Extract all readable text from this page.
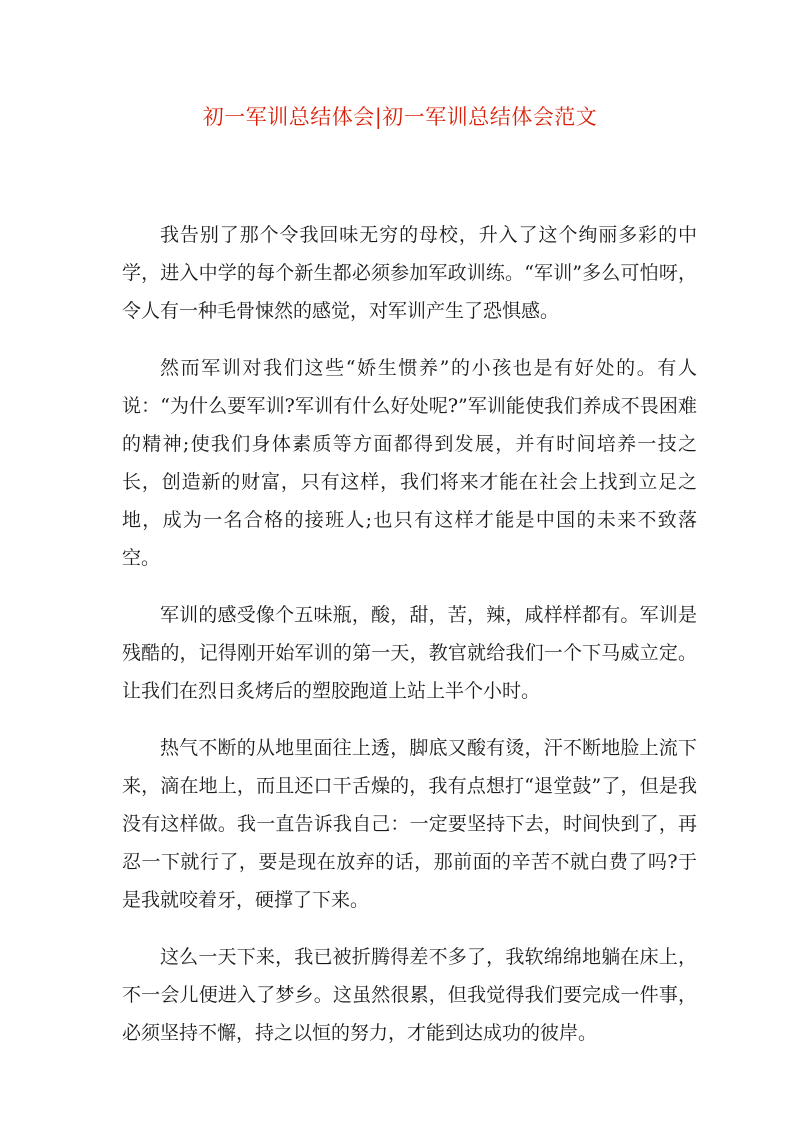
初一军训总结体会|初一军训总结体会范文

我告别了那个令我回味无穷的母校，升入了这个绚丽多彩的中学，进入中学的每个新生都必须参加军政训练。“军训”多么可怕呀，令人有一种毛骨悚然的感觉，对军训产生了恐惧感。

然而军训对我们这些“娇生惯养”的小孩也是有好处的。有人说：“为什么要军训?军训有什么好处呢?”军训能使我们养成不畏困难的精神;使我们身体素质等方面都得到发展，并有时间培养一技之长，创造新的财富，只有这样，我们将来才能在社会上找到立足之地，成为一名合格的接班人;也只有这样才能是中国的未来不致落空。

军训的感受像个五味瓶，酸，甜，苦，辣，咸样样都有。军训是残酷的，记得刚开始军训的第一天，教官就给我们一个下马威立定。让我们在烈日炙烤后的塑胶跑道上站上半个小时。

热气不断的从地里面往上透，脚底又酸有烫，汗不断地脸上流下来，滴在地上，而且还口干舌燥的，我有点想打“退堂鼓”了，但是我没有这样做。我一直告诉我自己：一定要坚持下去，时间快到了，再忍一下就行了，要是现在放弃的话，那前面的辛苦不就白费了吗?于是我就咬着牙，硬撑了下来。

这么一天下来，我已被折腾得差不多了，我软绵绵地躺在床上，不一会儿便进入了梦乡。这虽然很累，但我觉得我们要完成一件事，必须坚持不懈，持之以恒的努力，才能到达成功的彼岸。
